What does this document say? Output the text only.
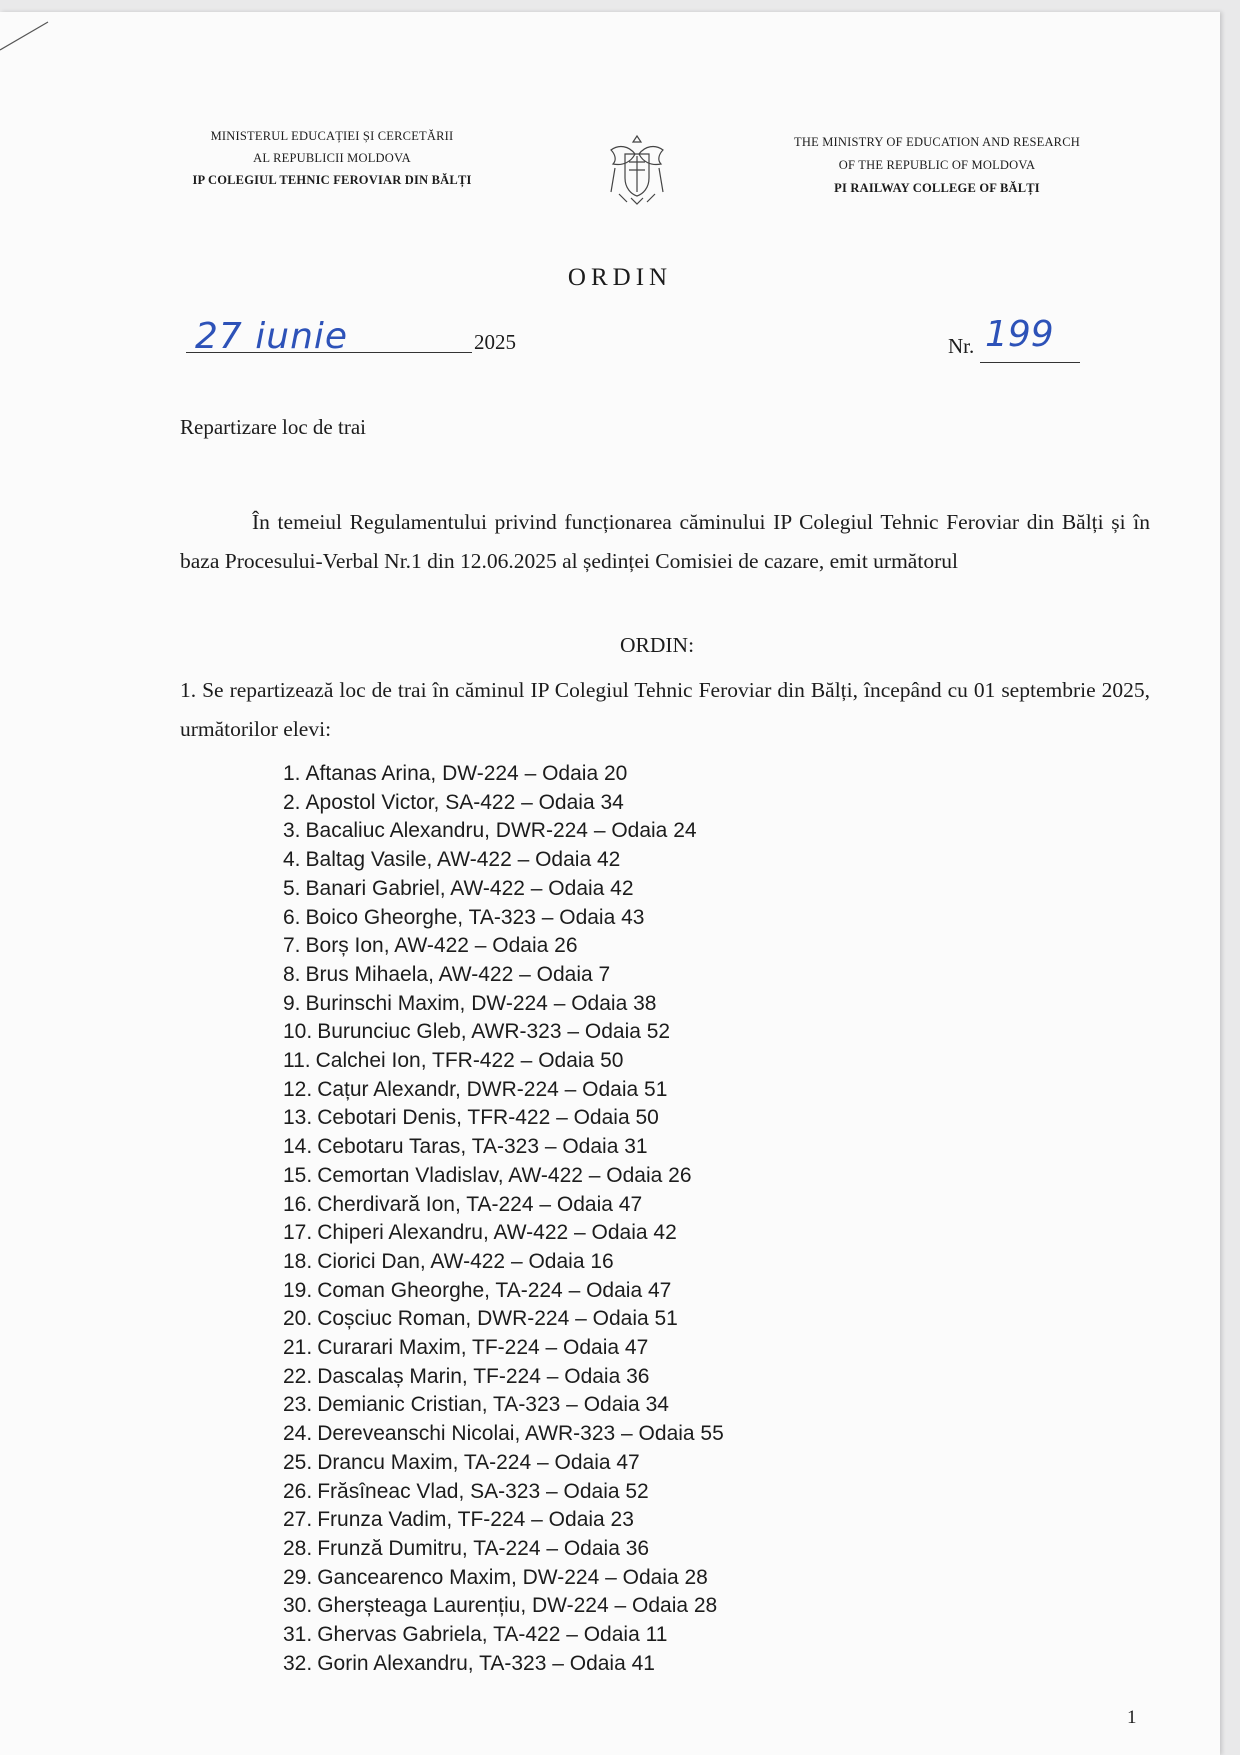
MINISTERUL EDUCAȚIEI ȘI CERCETĂRII
AL REPUBLICII MOLDOVA
IP COLEGIUL TEHNIC FEROVIAR DIN BĂLȚI
THE MINISTRY OF EDUCATION AND RESEARCH
OF THE REPUBLIC OF MOLDOVA
PI RAILWAY COLLEGE OF BĂLȚI
ORDIN
27 iunie	2025	Nr. 199
Repartizare loc de trai
În temeiul Regulamentului privind funcționarea căminului IP Colegiul Tehnic Feroviar din Bălți și în baza Procesului-Verbal Nr.1 din 12.06.2025 al ședinței Comisiei de cazare, emit următorul
ORDIN:
1. Se repartizează loc de trai în căminul IP Colegiul Tehnic Feroviar din Bălți, începând cu 01 septembrie 2025, următorilor elevi:
1. Aftanas Arina, DW-224 – Odaia 20
2. Apostol Victor, SA-422 – Odaia 34
3. Bacaliuc Alexandru, DWR-224 – Odaia 24
4. Baltag Vasile, AW-422 – Odaia 42
5. Banari Gabriel, AW-422 – Odaia 42
6. Boico Gheorghe, TA-323 – Odaia 43
7. Borș Ion, AW-422 – Odaia 26
8. Brus Mihaela, AW-422 – Odaia 7
9. Burinschi Maxim, DW-224 – Odaia 38
10. Buruncіuc Gleb, AWR-323 – Odaia 52
11. Calchei Ion, TFR-422 – Odaia 50
12. Cațur Alexandr, DWR-224 – Odaia 51
13. Cebotari Denis, TFR-422 – Odaia 50
14. Cebotaru Taras, TA-323 – Odaia 31
15. Cemortan Vladislav, AW-422 – Odaia 26
16. Cherdivară Ion, TA-224 – Odaia 47
17. Chiperi Alexandru, AW-422 – Odaia 42
18. Ciorici Dan, AW-422 – Odaia 16
19. Coman Gheorghe, TA-224 – Odaia 47
20. Coșciuc Roman, DWR-224 – Odaia 51
21. Curarari Maxim, TF-224 – Odaia 47
22. Dascalaș Marin, TF-224 – Odaia 36
23. Demianic Cristian, TA-323 – Odaia 34
24. Dereveanschi Nicolai, AWR-323 – Odaia 55
25. Drancu Maxim, TA-224 – Odaia 47
26. Frăsîneac Vlad, SA-323 – Odaia 52
27. Frunza Vadim, TF-224 – Odaia 23
28. Frunză Dumitru, TA-224 – Odaia 36
29. Gancearenco Maxim, DW-224 – Odaia 28
30. Gherșteaga Laurențiu, DW-224 – Odaia 28
31. Ghervas Gabriela, TA-422 – Odaia 11
32. Gorin Alexandru, TA-323 – Odaia 41
1
